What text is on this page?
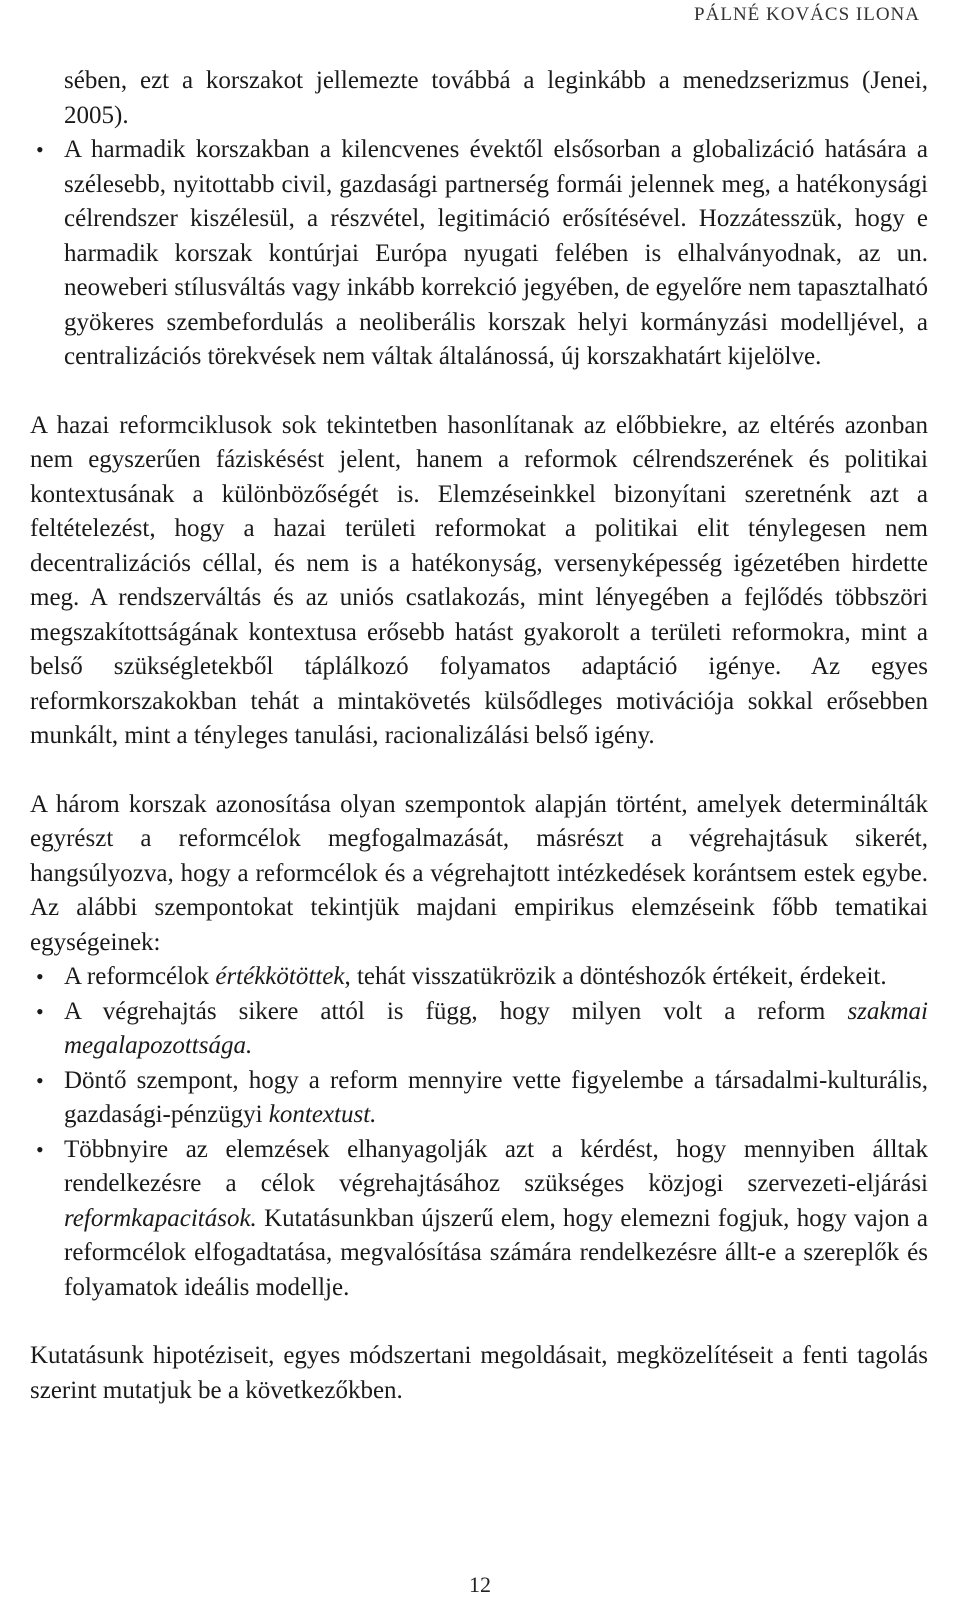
PÁLNÉ KOVÁCS ILONA

sében, ezt a korszakot jellemezte továbbá a leginkább a menedzserizmus (Jenei, 2005).

• A harmadik korszakban a kilencvenes évektől elsősorban a globalizáció hatására a szélesebb, nyitottabb civil, gazdasági partnerség formái jelennek meg, a hatékonysági célrendszer kiszélesül, a részvétel, legitimáció erősítésével. Hozzátesszük, hogy e harmadik korszak kontúrjai Európa nyugati felében is elhalványodnak, az un. neoweberi stílusváltás vagy inkább korrekció jegyében, de egyelőre nem tapasztalható gyökeres szembefordulás a neoliberális korszak helyi kormányzási modelljével, a centralizációs törekvések nem váltak általánossá, új korszakhatárt kijelölve.

A hazai reformciklusok sok tekintetben hasonlítanak az előbbiekre, az eltérés azonban nem egyszerűen fáziskésést jelent, hanem a reformok célrendszerének és politikai kontextusának a különbözőségét is. Elemzéseinkkel bizonyítani szeretnénk azt a feltételezést, hogy a hazai területi reformokat a politikai elit ténylegesen nem decentralizációs céllal, és nem is a hatékonyság, versenyképesség igézetében hirdette meg. A rendszerváltás és az uniós csatlakozás, mint lényegében a fejlődés többszöri megszakítottságának kontextusa erősebb hatást gyakorolt a területi reformokra, mint a belső szükségletekből táplálkozó folyamatos adaptáció igénye. Az egyes reformkorszakokban tehát a mintakövetés külsődleges motivációja sokkal erősebben munkált, mint a tényleges tanulási, racionalizálási belső igény.

A három korszak azonosítása olyan szempontok alapján történt, amelyek determinálták egyrészt a reformcélok megfogalmazását, másrészt a végrehajtásuk sikerét, hangsúlyozva, hogy a reformcélok és a végrehajtott intézkedések korántsem estek egybe. Az alábbi szempontokat tekintjük majdani empirikus elemzéseink főbb tematikai egységeinek:

• A reformcélok értékkötöttek, tehát visszatükrözik a döntéshozók értékeit, érdekeit.
• A végrehajtás sikere attól is függ, hogy milyen volt a reform szakmai megalapozottsága.
• Döntő szempont, hogy a reform mennyire vette figyelembe a társadalmi-kulturális, gazdasági-pénzügyi kontextust.
• Többnyire az elemzések elhanyagolják azt a kérdést, hogy mennyiben álltak rendelkezésre a célok végrehajtásához szükséges közjogi szervezeti-eljárási reformkapacitások. Kutatásunkban újszerű elem, hogy elemezni fogjuk, hogy vajon a reformcélok elfogadtatása, megvalósítása számára rendelkezésre állt-e a szereplők és folyamatok ideális modellje.

Kutatásunk hipotéziseit, egyes módszertani megoldásait, megközelítéseit a fenti tagolás szerint mutatjuk be a következőkben.

12
